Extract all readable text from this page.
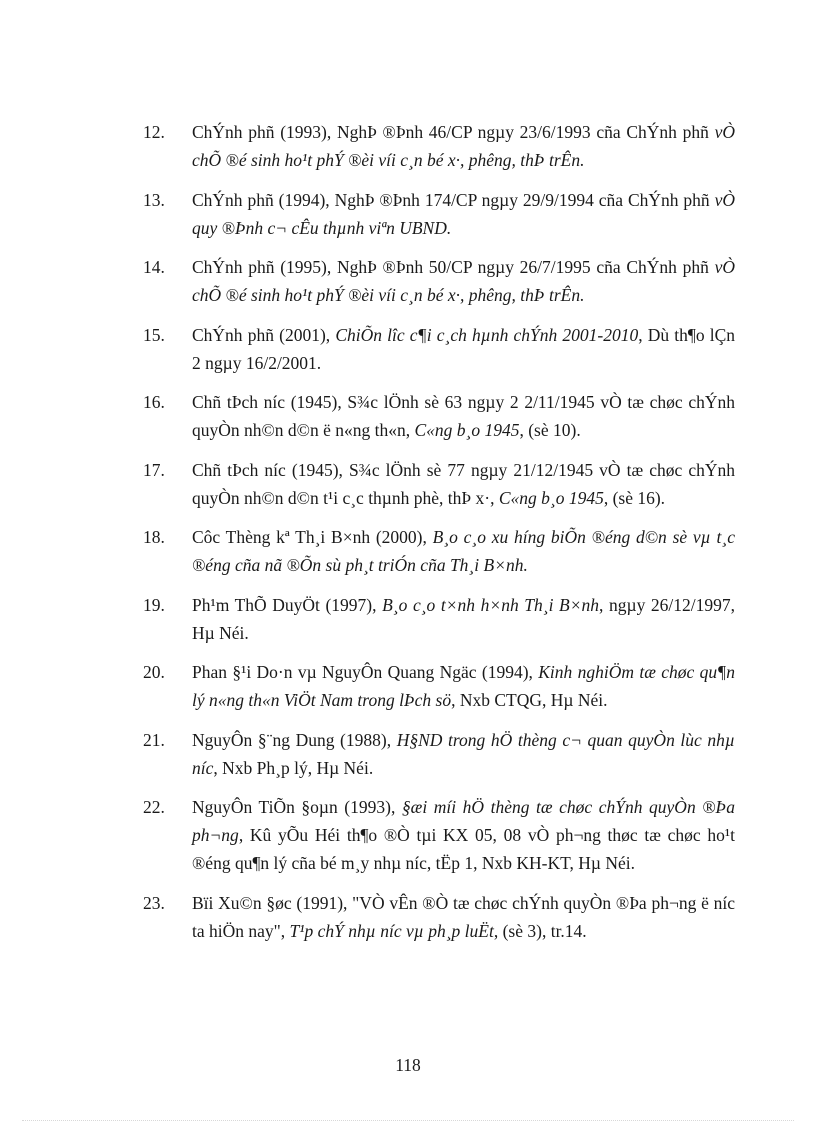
12.	ChÝnh phñ (1993), NghÞ ®Þnh 46/CP ngµy 23/6/1993 cña ChÝnh phñ vÒ chÕ ®é sinh ho¹t phÝ ®èi víi c¸n bé x·, phêng, thÞ trÊn.
13.	ChÝnh phñ (1994), NghÞ ®Þnh 174/CP ngµy 29/9/1994 cña ChÝnh phñ vÒ quy ®Þnh c¬ cÊu thµnh viªn UBND.
14.	ChÝnh phñ (1995), NghÞ ®Þnh 50/CP ngµy 26/7/1995 cña ChÝnh phñ vÒ chÕ ®é sinh ho¹t phÝ ®èi víi c¸n bé x·, phêng, thÞ trÊn.
15.	ChÝnh phñ (2001), ChiÕn lîc c¶i c¸ch hµnh chÝnh 2001-2010, Dù th¶o lÇn 2 ngµy 16/2/2001.
16.	Chñ tÞch níc (1945), S¾c lÖnh sè 63 ngµy 2 2/11/1945 vÒ tæ chøc chÝnh quyÒn nh©n d©n ë n«ng th«n, C«ng b¸o 1945, (sè 10).
17.	Chñ tÞch níc (1945), S¾c lÖnh sè 77 ngµy 21/12/1945 vÒ tæ chøc chÝnh quyÒn nh©n d©n t¹i c¸c thµnh phè, thÞ x·, C«ng b¸o 1945, (sè 16).
18.	Côc Thèng kª Th¸i B×nh (2000), B¸o c¸o xu híng biÕn ®éng d©n sè vµ t¸c ®éng cña nã ®Õn sù ph¸t triÓn cña Th¸i B×nh.
19.	Ph¹m ThÕ DuyÖt (1997), B¸o c¸o t×nh h×nh Th¸i B×nh, ngµy 26/12/1997, Hµ Néi.
20.	Phan §¹i Do·n vµ NguyÔn Quang Ngäc (1994), Kinh nghiÖm tæ chøc qu¶n lý n«ng th«n ViÖt Nam trong lÞch sö, Nxb CTQG, Hµ Néi.
21.	NguyÔn §¨ng Dung (1988), H§ND trong hÖ thèng c¬ quan quyÒn lùc nhµ níc, Nxb Ph¸p lý, Hµ Néi.
22.	NguyÔn TiÕn §oµn (1993), §æi míi hÖ thèng tæ chøc chÝnh quyÒn ®Þa ph¬ng, Kû yÕu Héi th¶o ®Ò tµi KX 05, 08 vÒ ph¬ng thøc tæ chøc ho¹t ®éng qu¶n lý cña bé m¸y nhµ níc, tËp 1, Nxb KH-KT, Hµ Néi.
23.	Bïi Xu©n §øc (1991), "VÒ vÊn ®Ò tæ chøc chÝnh quyÒn ®Þa ph¬ng ë níc ta hiÖn nay", T¹p chÝ nhµ níc vµ ph¸p luËt, (sè 3), tr.14.
118
